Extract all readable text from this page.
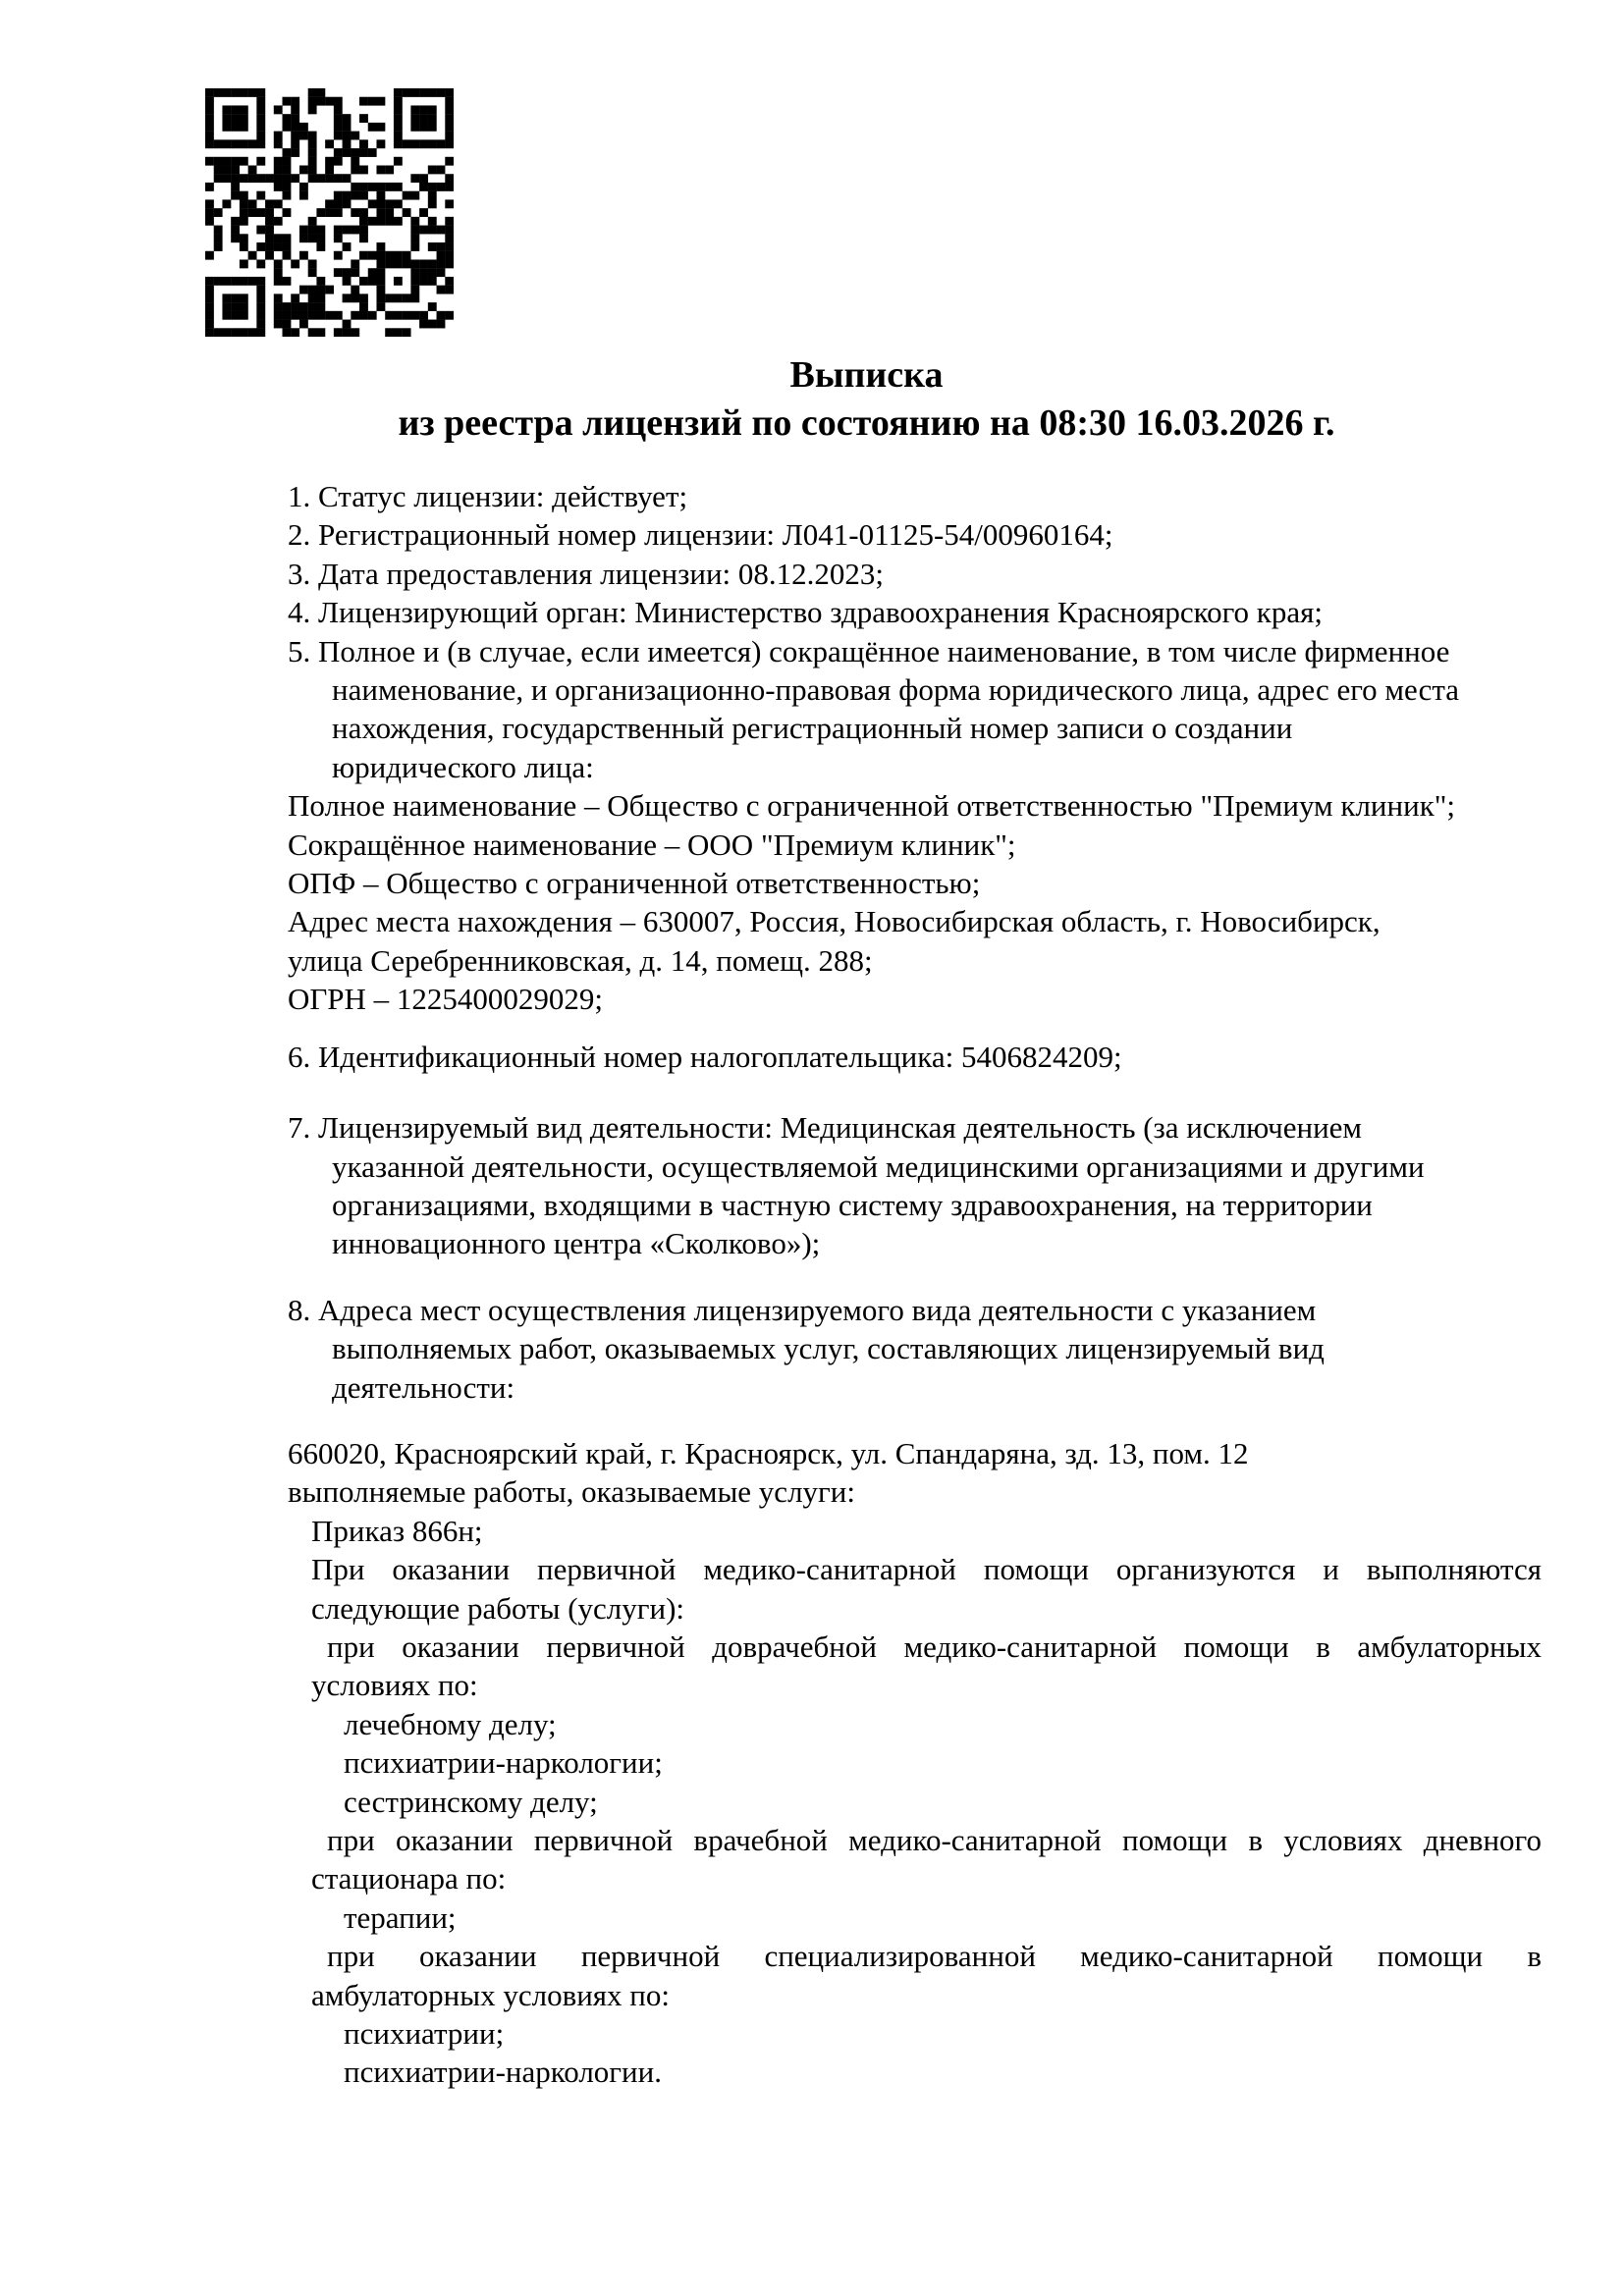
Выписка
из реестра лицензий по состоянию на 08:30 16.03.2026 г.
1. Статус лицензии: действует;
2. Регистрационный номер лицензии: Л041-01125-54/00960164;
3. Дата предоставления лицензии: 08.12.2023;
4. Лицензирующий орган: Министерство здравоохранения Красноярского края;
5. Полное и (в случае, если имеется) сокращённое наименование, в том числе фирменное
наименование, и организационно-правовая форма юридического лица, адрес его места
нахождения, государственный регистрационный номер записи о создании
юридического лица:
Полное наименование – Общество с ограниченной ответственностью "Премиум клиник";
Сокращённое наименование – ООО "Премиум клиник";
ОПФ – Общество с ограниченной ответственностью;
Адрес места нахождения – 630007, Россия, Новосибирская область, г. Новосибирск,
улица Серебренниковская, д. 14, помещ. 288;
ОГРН – 1225400029029;
6. Идентификационный номер налогоплательщика: 5406824209;
7. Лицензируемый вид деятельности: Медицинская деятельность (за исключением
указанной деятельности, осуществляемой медицинскими организациями и другими
организациями, входящими в частную систему здравоохранения, на территории
инновационного центра «Сколково»);
8. Адреса мест осуществления лицензируемого вида деятельности с указанием
выполняемых работ, оказываемых услуг, составляющих лицензируемый вид
деятельности:
660020, Красноярский край, г. Красноярск, ул. Спандаряна, зд. 13, пом. 12
выполняемые работы, оказываемые услуги:
Приказ 866н;
При оказании первичной медико-санитарной помощи организуются и выполняются
следующие работы (услуги):
при оказании первичной доврачебной медико-санитарной помощи в амбулаторных
условиях по:
лечебному делу;
психиатрии-наркологии;
сестринскому делу;
при оказании первичной врачебной медико-санитарной помощи в условиях дневного
стационара по:
терапии;
при оказании первичной специализированной медико-санитарной помощи в
амбулаторных условиях по:
психиатрии;
психиатрии-наркологии.
